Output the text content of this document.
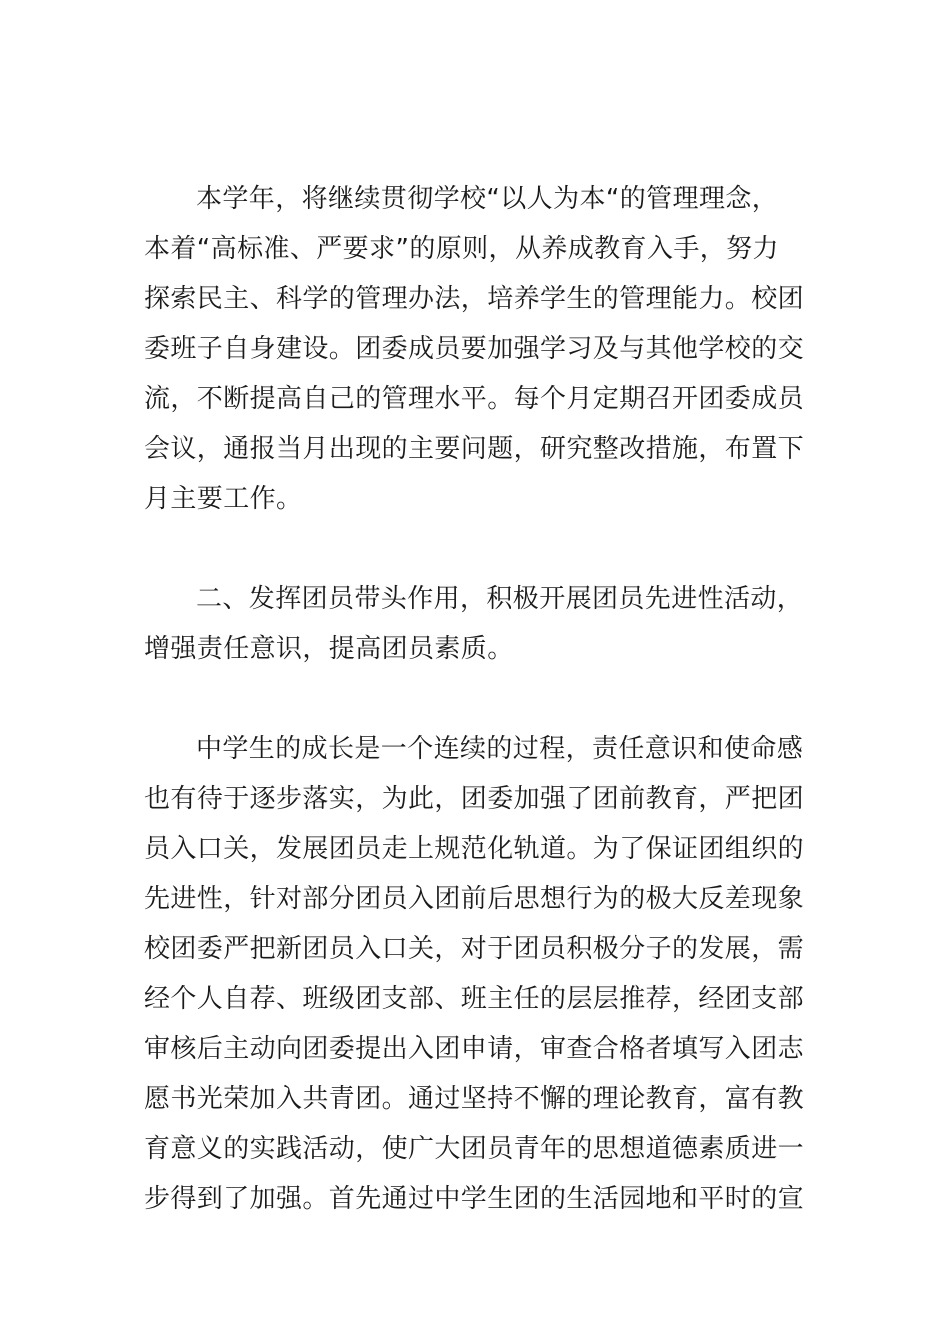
本学年，将继续贯彻学校“以人为本“的管理理念，
本着“高标准、严要求”的原则，从养成教育入手，努力
探索民主、科学的管理办法，培养学生的管理能力。校团
委班子自身建设。团委成员要加强学习及与其他学校的交
流，不断提高自己的管理水平。每个月定期召开团委成员
会议，通报当月出现的主要问题，研究整改措施，布置下
月主要工作。
二、发挥团员带头作用，积极开展团员先进性活动，
增强责任意识，提高团员素质。
中学生的成长是一个连续的过程，责任意识和使命感
也有待于逐步落实，为此，团委加强了团前教育，严把团
员入口关，发展团员走上规范化轨道。为了保证团组织的
先进性，针对部分团员入团前后思想行为的极大反差现象
校团委严把新团员入口关，对于团员积极分子的发展，需
经个人自荐、班级团支部、班主任的层层推荐，经团支部
审核后主动向团委提出入团申请，审查合格者填写入团志
愿书光荣加入共青团。通过坚持不懈的理论教育，富有教
育意义的实践活动，使广大团员青年的思想道德素质进一
步得到了加强。首先通过中学生团的生活园地和平时的宣
